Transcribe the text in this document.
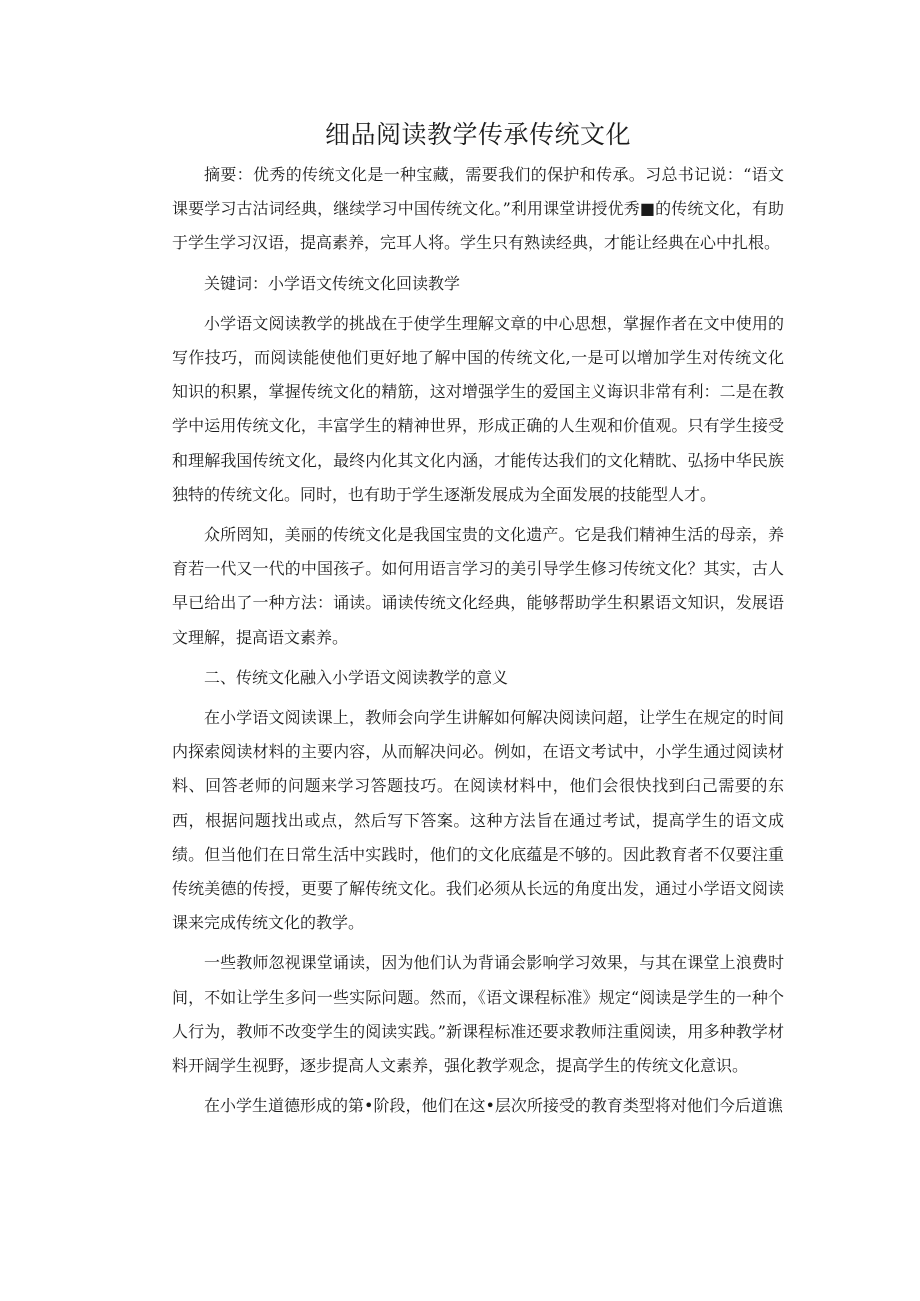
细品阅读教学传承传统文化

摘要：优秀的传统文化是一种宝藏，需要我们的保护和传承。习总书记说：“语文课要学习古沽词经典，继续学习中国传统文化。”利用课堂讲授优秀■的传统文化，有助于学生学习汉语，提高素养，完耳人将。学生只有熟读经典，才能让经典在心中扎根。

关键词：小学语文传统文化回读教学

小学语文阅读教学的挑战在于使学生理解文章的中心思想，掌握作者在文中使用的写作技巧，而阅读能使他们更好地了解中国的传统文化,一是可以增加学生对传统文化知识的积累，掌握传统文化的精筋，这对增强学生的爱国主义诲识非常有利：二是在教学中运用传统文化，丰富学生的精神世界，形成正确的人生观和价值观。只有学生接受和理解我国传统文化，最终内化其文化内涵，才能传达我们的文化精眈、弘扬中华民族独特的传统文化。同时，也有助于学生逐渐发展成为全面发展的技能型人才。

众所罔知，美丽的传统文化是我国宝贵的文化遗产。它是我们精神生活的母亲，养育若一代又一代的中国孩孑。如何用语言学习的美引导学生修习传统文化？其实，古人早已给出了一种方法：诵读。诵读传统文化经典，能够帮助学生积累语文知识，发展语文理解，提高语文素养。

二、传统文化融入小学语文阅读教学的意义

在小学语文阅读课上，教师会向学生讲解如何解决阅读问超，让学生在规定的时间内探索阅读材料的主要内容，从而解决问必。例如，在语文考试中，小学生通过阅读材料、回答老师的问题来学习答题技巧。在阅读材料中，他们会很快找到臼己需要的东西，根据问题找出或点，然后写下答案。这种方法旨在通过考试，提高学生的语文成绩。但当他们在日常生活中实践时，他们的文化底蕴是不够的。因此教育者不仅要注重传统美德的传授，更要了解传统文化。我们必须从长远的角度出发，通过小学语文阅读课来完成传统文化的教学。

一些教师忽视课堂诵读，因为他们认为背诵会影响学习效果，与其在课堂上浪费时间，不如让学生多问一些实际问题。然而，《语文课程标准》规定“阅读是学生的一种个人行为，教师不改变学生的阅读实践。”新课程标准还要求教师注重阅读，用多种教学材料开阔学生视野，逐步提高人文素养，强化教学观念，提高学生的传统文化意识。

在小学生道德形成的第•阶段，他们在这•层次所接受的教育类型将对他们今后道谯
